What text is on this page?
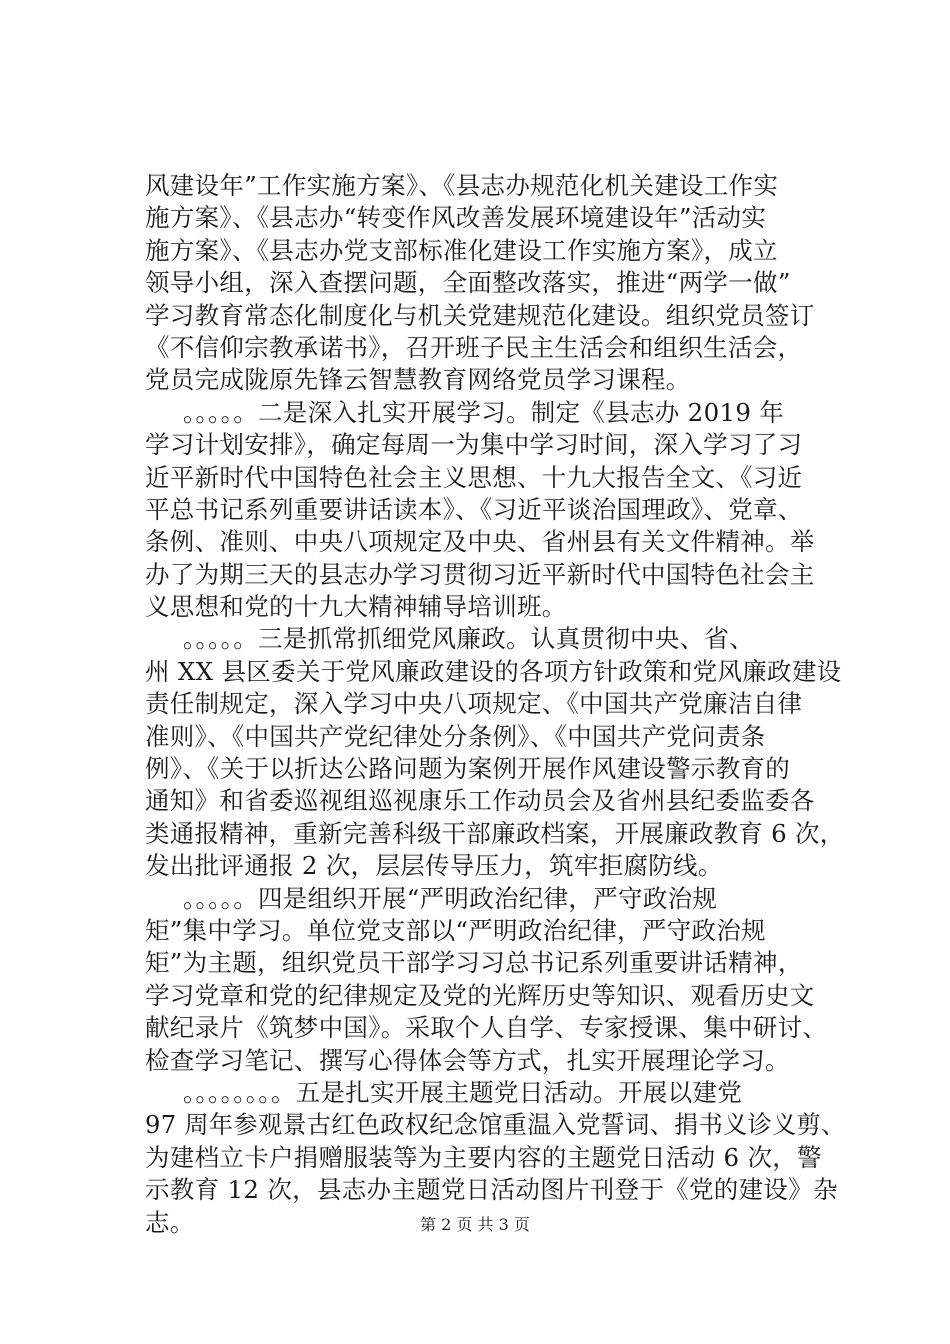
风建设年”工作实施方案》、《县志办规范化机关建设工作实
施方案》、《县志办“转变作风改善发展环境建设年”活动实
施方案》、《县志办党支部标准化建设工作实施方案》，成立
领导小组，深入查摆问题，全面整改落实，推进“两学一做”
学习教育常态化制度化与机关党建规范化建设。组织党员签订
《不信仰宗教承诺书》，召开班子民主生活会和组织生活会，
党员完成陇原先锋云智慧教育网络党员学习课程。
。。。。。二是深入扎实开展学习。制定《县志办 2019 年
学习计划安排》，确定每周一为集中学习时间，深入学习了习
近平新时代中国特色社会主义思想、十九大报告全文、《习近
平总书记系列重要讲话读本》、《习近平谈治国理政》、党章、
条例、准则、中央八项规定及中央、省州县有关文件精神。举
办了为期三天的县志办学习贯彻习近平新时代中国特色社会主
义思想和党的十九大精神辅导培训班。
。。。。。三是抓常抓细党风廉政。认真贯彻中央、省、
州 XX 县区委关于党风廉政建设的各项方针政策和党风廉政建设
责任制规定，深入学习中央八项规定、《中国共产党廉洁自律
准则》、《中国共产党纪律处分条例》、《中国共产党问责条
例》、《关于以折达公路问题为案例开展作风建设警示教育的
通知》和省委巡视组巡视康乐工作动员会及省州县纪委监委各
类通报精神，重新完善科级干部廉政档案，开展廉政教育 6 次，
发出批评通报 2 次，层层传导压力，筑牢拒腐防线。
。。。。。四是组织开展“严明政治纪律，严守政治规
矩”集中学习。单位党支部以“严明政治纪律，严守政治规
矩”为主题，组织党员干部学习习总书记系列重要讲话精神，
学习党章和党的纪律规定及党的光辉历史等知识、观看历史文
献纪录片《筑梦中国》。采取个人自学、专家授课、集中研讨、
检查学习笔记、撰写心得体会等方式，扎实开展理论学习。
。。。。。。。。五是扎实开展主题党日活动。开展以建党
97 周年参观景古红色政权纪念馆重温入党誓词、捐书义诊义剪、
为建档立卡户捐赠服装等为主要内容的主题党日活动 6 次，警
示教育 12 次，县志办主题党日活动图片刊登于《党的建设》杂
志。	第 2 页 共 3 页
